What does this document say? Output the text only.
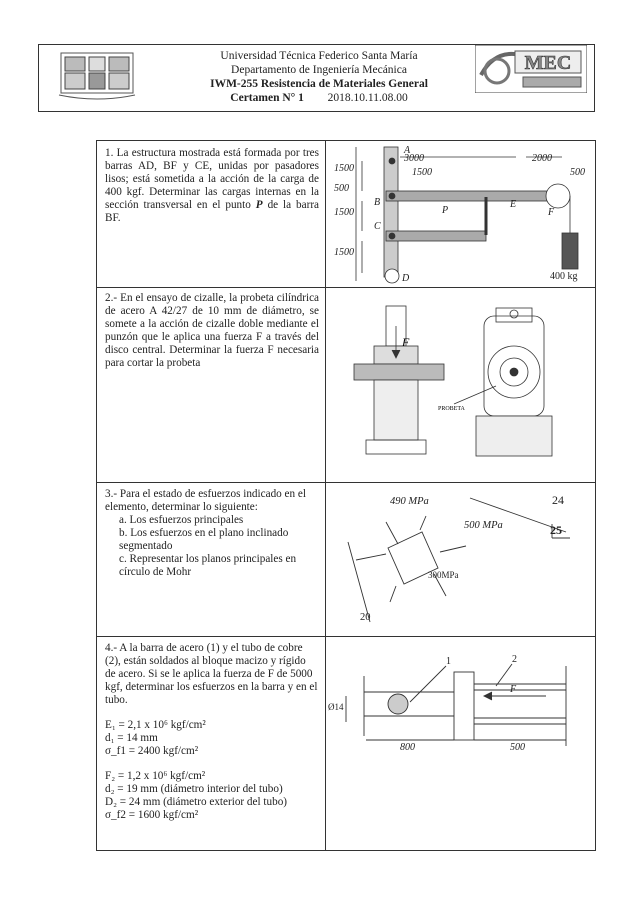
Universidad Técnica Federico Santa María
Departamento de Ingeniería Mecánica
IWM-255 Resistencia de Materiales General
Certamen N° 1 2018.10.11.08.00
MEC
1. La estructura mostrada está formada por tres barras AD, BF y CE, unidas por pasadores lisos; está sometida a la acción de la carga de 400 kgf. Determinar las cargas internas en la sección transversal en el punto P de la barra BF.
3000	2000
1500	1500
500
1500
1500
500
A
B
C
D
E
F
P
400 kg
2.- En el ensayo de cizalle, la probeta cilíndrica de acero A 42/27 de 10 mm de diámetro, se somete a la acción de cizalle doble mediante el punzón que le aplica una fuerza F a través del disco central. Determinar la fuerza F necesaria para cortar la probeta
F
PROBETA

3.- Para el estado de esfuerzos indicado en el elemento, determinar lo siguiente:

a. Los esfuerzos principales
b. Los esfuerzos en el plano inclinado segmentado
c. Representar los planos principales en círculo de Mohr
490 MPa
500 MPa
300MPa
20
24
25

4.- A la barra de acero (1) y el tubo de cobre (2), están soldados al bloque macizo y rígido de acero. Si se le aplica la fuerza de F de 5000 kgf, determinar los esfuerzos en la barra y en el tubo.

E₁ = 2,1 x 10⁶ kgf/cm²

d₁ = 14 mm

σ_f1 = 2400 kgf/cm²

F₂ = 1,2 x 10⁶ kgf/cm²

d₂ = 19 mm (diámetro interior del tubo)

D₂ = 24 mm (diámetro exterior del tubo)

σ_f2 = 1600 kgf/cm²

Ø14
800	500
1	2
F
